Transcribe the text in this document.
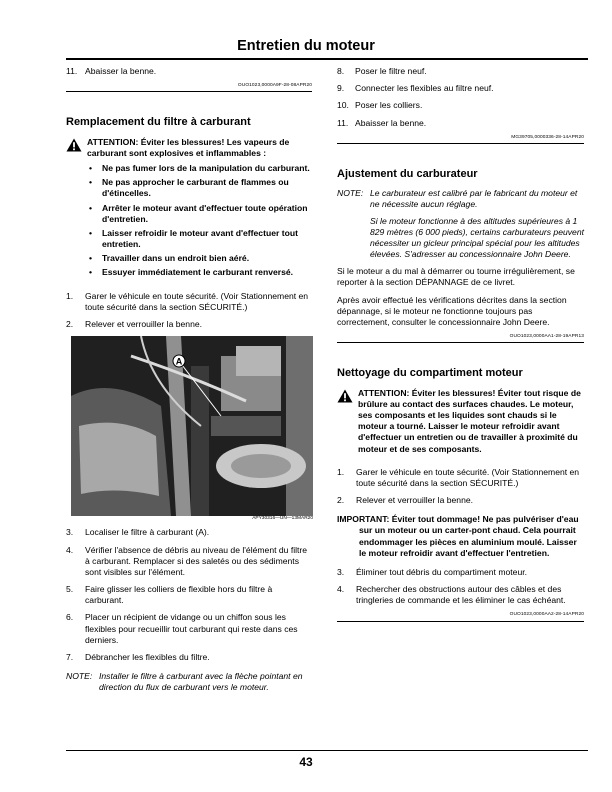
Entretien du moteur
11. Abaisser la benne.
OUO1023,0000A9F-28-08APR20
Remplacement du filtre à carburant
ATTENTION: Éviter les blessures! Les vapeurs de carburant sont explosives et inflammables :
• Ne pas fumer lors de la manipulation du carburant.
• Ne pas approcher le carburant de flammes ou d'étincelles.
• Arrêter le moteur avant d'effectuer toute opération d'entretien.
• Laisser refroidir le moteur avant d'effectuer tout entretien.
• Travailler dans un endroit bien aéré.
• Essuyer immédiatement le carburant renversé.
1. Garer le véhicule en toute sécurité. (Voir Stationnement en toute sécurité dans la section SÉCURITÉ.)
2. Relever et verrouiller la benne.
A
APY30316—UN—13MAR20
3. Localiser le filtre à carburant (A).
4. Vérifier l'absence de débris au niveau de l'élément du filtre à carburant. Remplacer si des saletés ou des sédiments sont visibles sur l'élément.
5. Faire glisser les colliers de flexible hors du filtre à carburant.
6. Placer un récipient de vidange ou un chiffon sous les flexibles pour recueillir tout carburant qui reste dans ces derniers.
7. Débrancher les flexibles du filtre.
NOTE: Installer le filtre à carburant avec la flèche pointant en direction du flux de carburant vers le moteur.
8. Poser le filtre neuf.
9. Connecter les flexibles au filtre neuf.
10. Poser les colliers.
11. Abaisser la benne.
MG39705,0000336-28-14APR20
Ajustement du carburateur
NOTE: Le carburateur est calibré par le fabricant du moteur et ne nécessite aucun réglage.
Si le moteur fonctionne à des altitudes supérieures à 1 829 mètres (6 000 pieds), certains carburateurs peuvent nécessiter un gicleur principal spécial pour les altitudes élevées. S'adresser au concessionnaire John Deere.
Si le moteur a du mal à démarrer ou tourne irrégulièrement, se reporter à la section DÉPANNAGE de ce livret.
Après avoir effectué les vérifications décrites dans la section dépannage, si le moteur ne fonctionne toujours pas correctement, consulter le concessionnaire John Deere.
OUO1023,0000AA1-28-19APR13
Nettoyage du compartiment moteur
ATTENTION: Éviter les blessures! Éviter tout risque de brûlure au contact des surfaces chaudes. Le moteur, ses composants et les liquides sont chauds si le moteur a tourné. Laisser le moteur refroidir avant d'effectuer un entretien ou de travailler à proximité du moteur et de ses composants.
1. Garer le véhicule en toute sécurité. (Voir Stationnement en toute sécurité dans la section SÉCURITÉ.)
2. Relever et verrouiller la benne.
IMPORTANT: Éviter tout dommage! Ne pas pulvériser d'eau sur un moteur ou un carter-pont chaud. Cela pourrait endommager les pièces en aluminium moulé. Laisser le moteur refroidir avant d'effectuer l'entretien.
3. Éliminer tout débris du compartiment moteur.
4. Rechercher des obstructions autour des câbles et des tringleries de commande et les éliminer le cas échéant.
OUO1023,0000AA2-28-14APR20
43
